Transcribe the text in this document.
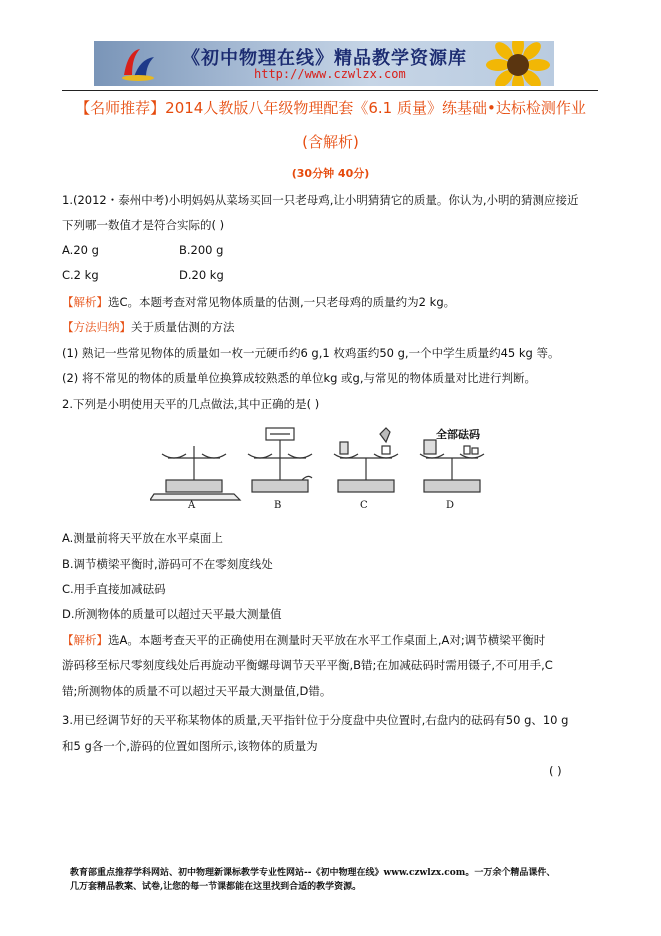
《初中物理在线》精品教学资源库
http://www.czwlzx.com
【名师推荐】2014人教版八年级物理配套《6.1 质量》练基础•达标检测作业
(含解析)
(30分钟 40分)
1.(2012・泰州中考)小明妈妈从菜场买回一只老母鸡,让小明猜猜它的质量。你认为,小明的猜测应接近
下列哪一数值才是符合实际的( )
A.20 g	B.200 g
C.2 kg	D.20 kg
【解析】选C。本题考查对常见物体质量的估测,一只老母鸡的质量约为2 kg。
【方法归纳】关于质量估测的方法
(1) 熟记一些常见物体的质量如一枚一元硬币约6 g,1 枚鸡蛋约50 g,一个中学生质量约45 kg 等。
(2) 将不常见的物体的质量单位换算成较熟悉的单位kg 或g,与常见的物体质量对比进行判断。
2.下列是小明使用天平的几点做法,其中正确的是( )
全部砝码
A	B	C	D
A.测量前将天平放在水平桌面上
B.调节横梁平衡时,游码可不在零刻度线处
C.用手直接加减砝码
D.所测物体的质量可以超过天平最大测量值
【解析】选A。本题考查天平的正确使用在测量时天平放在水平工作桌面上,A对;调节横梁平衡时
游码移至标尺零刻度线处后再旋动平衡螺母调节天平平衡,B错;在加减砝码时需用镊子,不可用手,C
错;所测物体的质量不可以超过天平最大测量值,D错。
3.用已经调节好的天平称某物体的质量,天平指针位于分度盘中央位置时,右盘内的砝码有50 g、10 g
和5 g各一个,游码的位置如图所示,该物体的质量为
( )
教育部重点推荐学科网站、初中物理新课标教学专业性网站--《初中物理在线》www.czwlzx.com。一万余个精品课件、
几万套精品教案、试卷,让您的每一节课都能在这里找到合适的教学资源。
